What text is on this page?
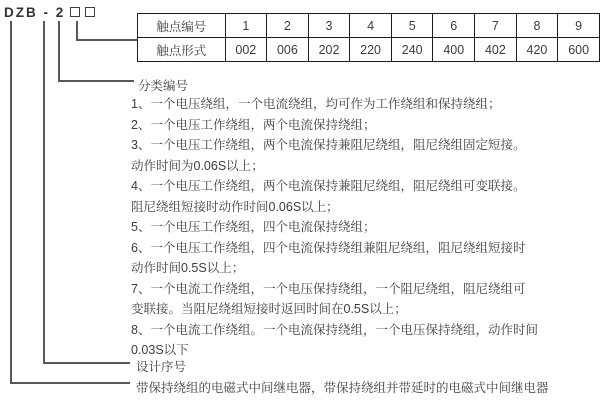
DZB - 2
触点编号	1	2	3	4	5	6	7	8	9
触点形式	002	006	202	220	240	400	402	420	600
分类编号
1、一个电压绕组，一个电流绕组，均可作为工作绕组和保持绕组；
2、一个电压工作绕组，两个电流保持绕组；
3、一个电压工作绕组，两个电流保持兼阻尼绕组，阻尼绕组固定短接。
动作时间为0.06S以上；
4、一个电压工作绕组，两个电流保持兼阻尼绕组，阻尼绕组可变联接。
阻尼绕组短接时动作时间0.06S以上；
5、一个电压工作绕组，四个电流保持绕组；
6、一个电压工作绕组，四个电流保持绕组兼阻尼绕组，阻尼绕组短接时
动作时间0.5S以上；
7、一个电流工作绕组，一个电压保持绕组，一个阻尼绕组，阻尼绕组可
变联接。当阻尼绕组短接时返回时间在0.5S以上；
8、一个电流工作绕组。一个电流保持绕组，一个电压保持绕组，动作时间
0.03S以下
设计序号
带保持绕组的电磁式中间继电器，带保持绕组并带延时的电磁式中间继电器
